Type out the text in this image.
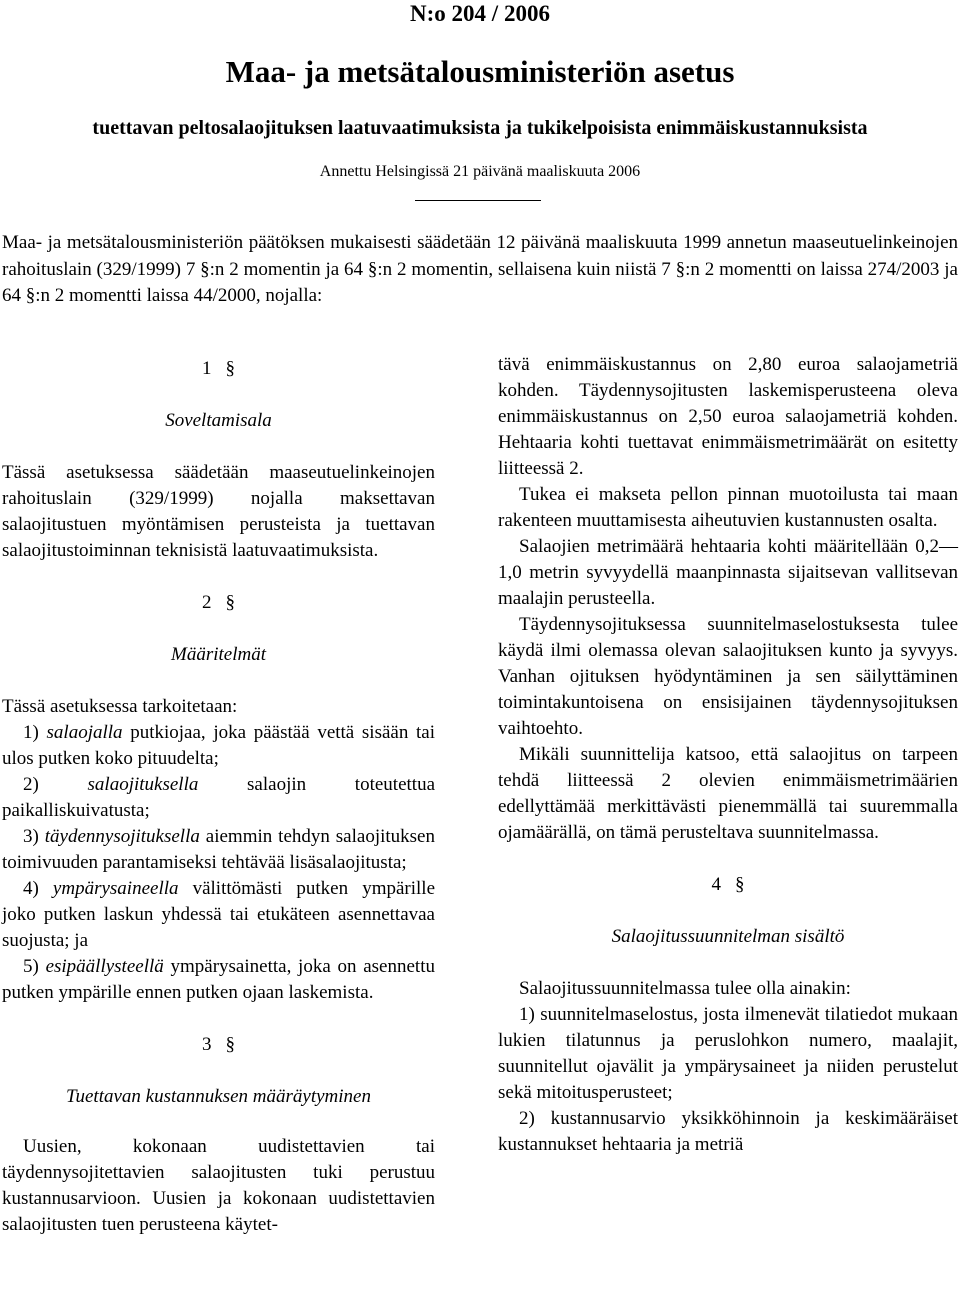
N:o 204 / 2006
Maa- ja metsätalousministeriön asetus
tuettavan peltosalaojituksen laatuvaatimuksista ja tukikelpoisista enimmäiskustannuksista
Annettu Helsingissä 21 päivänä maaliskuuta 2006

Maa- ja metsätalousministeriön päätöksen mukaisesti säädetään 12 päivänä maaliskuuta 1999 annetun maaseutuelinkeinojen rahoituslain (329/1999) 7 §:n 2 momentin ja 64 §:n 2 momentin, sellaisena kuin niistä 7 §:n 2 momentti on laissa 274/2003 ja 64 §:n 2 momentti laissa 44/2000, nojalla:

1 §
Soveltamisala

Tässä asetuksessa säädetään maaseutuelinkeinojen rahoituslain (329/1999) nojalla maksettavan salaojitustuen myöntämisen perusteista ja tuettavan salaojitustoiminnan teknisistä laatuvaatimuksista.

2 §
Määritelmät

Tässä asetuksessa tarkoitetaan:

1) salaojalla putkiojaa, joka päästää vettä sisään tai ulos putken koko pituudelta;

2)	salaojituksella	salaojin toteutettua paikalliskuivatusta;

3) täydennysojituksella aiemmin tehdyn salaojituksen toimivuuden parantamiseksi tehtävää lisäsalaojitusta;

4) ympärysaineella välittömästi putken ympärille joko putken laskun yhdessä tai etukäteen asennettavaa suojusta; ja

5) esipäällysteellä ympärysainetta, joka on asennettu putken ympärille ennen putken ojaan laskemista.

3 §
Tuettavan kustannuksen määräytyminen

Uusien, kokonaan uudistettavien tai täydennysojitettavien salaojitusten tuki perustuu kustannusarvioon. Uusien ja kokonaan uudistettavien salaojitusten tuen perusteena käytet-

tävä enimmäiskustannus on 2,80 euroa salaojametriä kohden. Täydennysojitusten laskemisperusteena oleva enimmäiskustannus on 2,50 euroa salaojametriä kohden. Hehtaaria kohti tuettavat enimmäismetrimäärät on esitetty liitteessä 2.

Tukea ei makseta pellon pinnan muotoilusta tai maan rakenteen muuttamisesta aiheutuvien kustannusten osalta.

Salaojien metrimäärä hehtaaria kohti määritellään 0,2—1,0 metrin syvyydellä maanpinnasta sijaitsevan vallitsevan maalajin perusteella.

Täydennysojituksessa suunnitelmaselostuksesta tulee käydä ilmi olemassa olevan salaojituksen kunto ja syvyys. Vanhan ojituksen hyödyntäminen ja sen säilyttäminen toimintakuntoisena on ensisijainen täydennysojituksen vaihtoehto.

Mikäli suunnittelija katsoo, että salaojitus on tarpeen tehdä liitteessä 2 olevien enimmäismetrimäärien edellyttämää merkittävästi pienemmällä tai suuremmalla ojamäärällä, on tämä perusteltava suunnitelmassa.

4 §
Salaojitussuunnitelman sisältö

Salaojitussuunnitelmassa tulee olla ainakin:

1) suunnitelmaselostus, josta ilmenevät tilatiedot mukaan lukien tilatunnus ja peruslohkon numero, maalajit, suunnitellut ojavälit ja ympärysaineet ja niiden perustelut sekä mitoitusperusteet;

2) kustannusarvio yksikköhinnoin ja keskimääräiset kustannukset hehtaaria ja metriä
